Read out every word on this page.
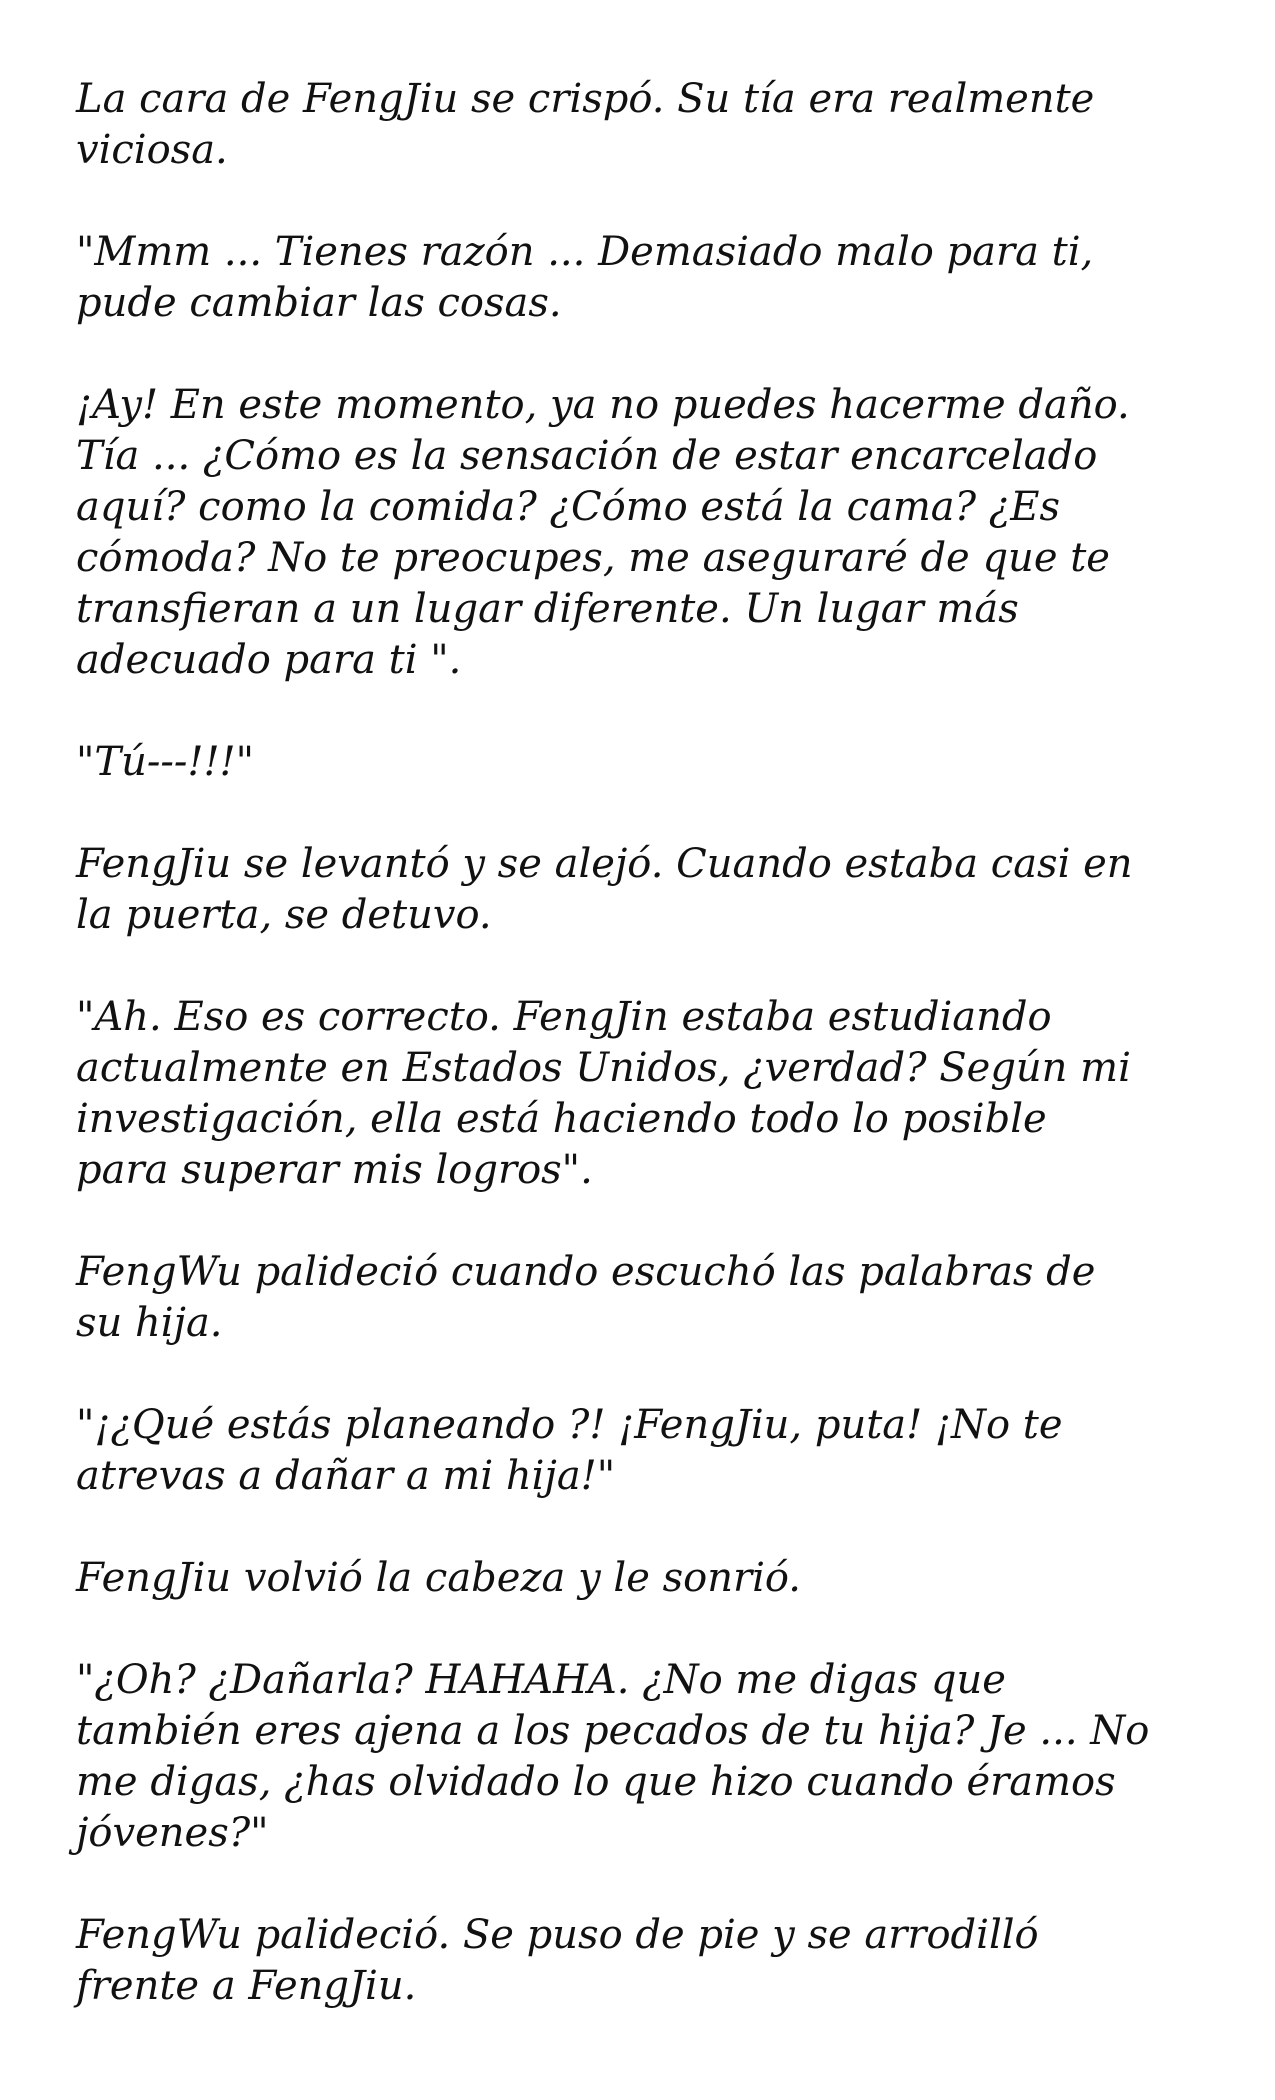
La cara de FengJiu se crispó. Su tía era realmente
viciosa.

"Mmm ... Tienes razón ... Demasiado malo para ti,
pude cambiar las cosas.

¡Ay! En este momento, ya no puedes hacerme daño.
Tía ... ¿Cómo es la sensación de estar encarcelado
aquí? como la comida? ¿Cómo está la cama? ¿Es
cómoda? No te preocupes, me aseguraré de que te
transfieran a un lugar diferente. Un lugar más
adecuado para ti ".

"Tú---!!!"

FengJiu se levantó y se alejó. Cuando estaba casi en
la puerta, se detuvo.

"Ah. Eso es correcto. FengJin estaba estudiando
actualmente en Estados Unidos, ¿verdad? Según mi
investigación, ella está haciendo todo lo posible
para superar mis logros".

FengWu palideció cuando escuchó las palabras de
su hija.

"¡¿Qué estás planeando ?! ¡FengJiu, puta! ¡No te
atrevas a dañar a mi hija!"

FengJiu volvió la cabeza y le sonrió.

"¿Oh? ¿Dañarla? HAHAHA. ¿No me digas que
también eres ajena a los pecados de tu hija? Je ... No
me digas, ¿has olvidado lo que hizo cuando éramos
jóvenes?"

FengWu palideció. Se puso de pie y se arrodilló
frente a FengJiu.
